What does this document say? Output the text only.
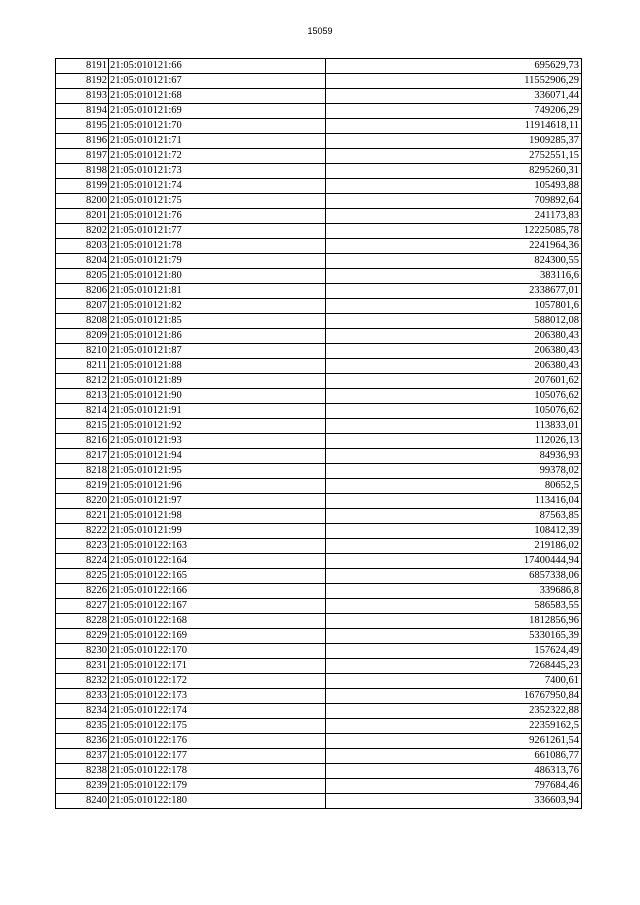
15059
8191	21:05:010121:66	695629,73
8192	21:05:010121:67	11552906,29
8193	21:05:010121:68	336071,44
8194	21:05:010121:69	749206,29
8195	21:05:010121:70	11914618,11
8196	21:05:010121:71	1909285,37
8197	21:05:010121:72	2752551,15
8198	21:05:010121:73	8295260,31
8199	21:05:010121:74	105493,88
8200	21:05:010121:75	709892,64
8201	21:05:010121:76	241173,83
8202	21:05:010121:77	12225085,78
8203	21:05:010121:78	2241964,36
8204	21:05:010121:79	824300,55
8205	21:05:010121:80	383116,6
8206	21:05:010121:81	2338677,01
8207	21:05:010121:82	1057801,6
8208	21:05:010121:85	588012,08
8209	21:05:010121:86	206380,43
8210	21:05:010121:87	206380,43
8211	21:05:010121:88	206380,43
8212	21:05:010121:89	207601,62
8213	21:05:010121:90	105076,62
8214	21:05:010121:91	105076,62
8215	21:05:010121:92	113833,01
8216	21:05:010121:93	112026,13
8217	21:05:010121:94	84936,93
8218	21:05:010121:95	99378,02
8219	21:05:010121:96	80652,5
8220	21:05:010121:97	113416,04
8221	21:05:010121:98	87563,85
8222	21:05:010121:99	108412,39
8223	21:05:010122:163	219186,02
8224	21:05:010122:164	17400444,94
8225	21:05:010122:165	6857338,06
8226	21:05:010122:166	339686,8
8227	21:05:010122:167	586583,55
8228	21:05:010122:168	1812856,96
8229	21:05:010122:169	5330165,39
8230	21:05:010122:170	157624,49
8231	21:05:010122:171	7268445,23
8232	21:05:010122:172	7400,61
8233	21:05:010122:173	16767950,84
8234	21:05:010122:174	2352322,88
8235	21:05:010122:175	22359162,5
8236	21:05:010122:176	9261261,54
8237	21:05:010122:177	661086,77
8238	21:05:010122:178	486313,76
8239	21:05:010122:179	797684,46
8240	21:05:010122:180	336603,94
